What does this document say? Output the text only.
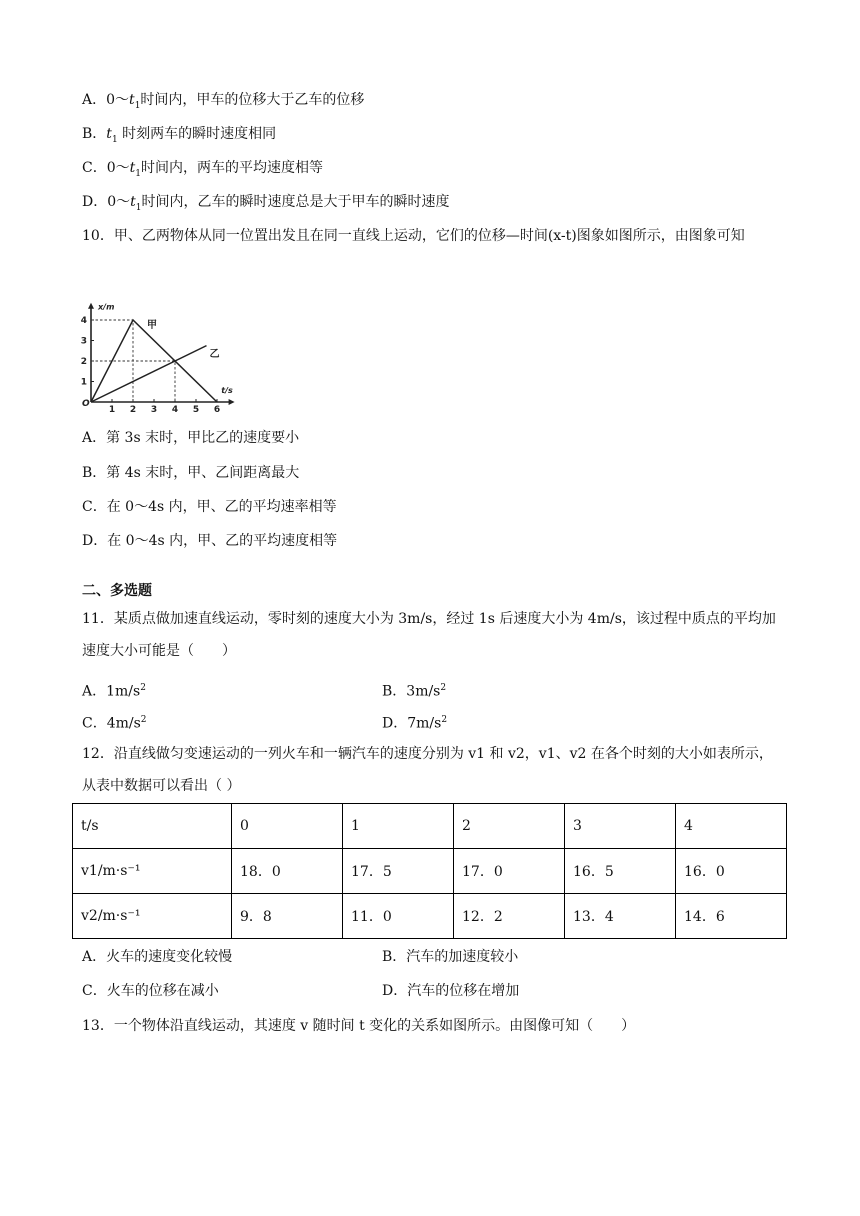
A．$0\sim t_1$时间内，甲车的位移大于乙车的位移
B．$t_1$ 时刻两车的瞬时速度相同
C．$0\sim t_1$时间内，两车的平均速度相等
D．$0\sim t_1$时间内，乙车的瞬时速度总是大于甲车的瞬时速度
10．甲、乙两物体从同一位置出发且在同一直线上运动，它们的位移—时间(x-t)图象如图所示，由图象可知
1 2 3 4 5 6
1
2
3
4	甲
乙
x/m
t/s
O
A．第 3s 末时，甲比乙的速度要小
B．第 4s 末时，甲、乙间距离最大
C．在 0～4s 内，甲、乙的平均速率相等
D．在 0～4s 内，甲、乙的平均速度相等
二、多选题
11．某质点做加速直线运动，零时刻的速度大小为 3m/s，经过 1s 后速度大小为 4m/s，该过程中质点的平均加速度大小可能是（　　）
A．$1m/s^2$	B．$3m/s^2$
C．$4m/s^2$	D．$7m/s^2$
12．沿直线做匀变速运动的一列火车和一辆汽车的速度分别为 v1 和 v2，v1、v2 在各个时刻的大小如表所示，从表中数据可以看出（ ）
t/s	0	1	2	3	4
v1/m·s⁻¹	18．0	17．5	17．0	16．5	16．0
v2/m·s⁻¹	9．8	11．0	12．2	13．4	14．6
A．火车的速度变化较慢	B．汽车的加速度较小
C．火车的位移在减小	D．汽车的位移在增加
13．一个物体沿直线运动，其速度 v 随时间 t 变化的关系如图所示。由图像可知（　　）
